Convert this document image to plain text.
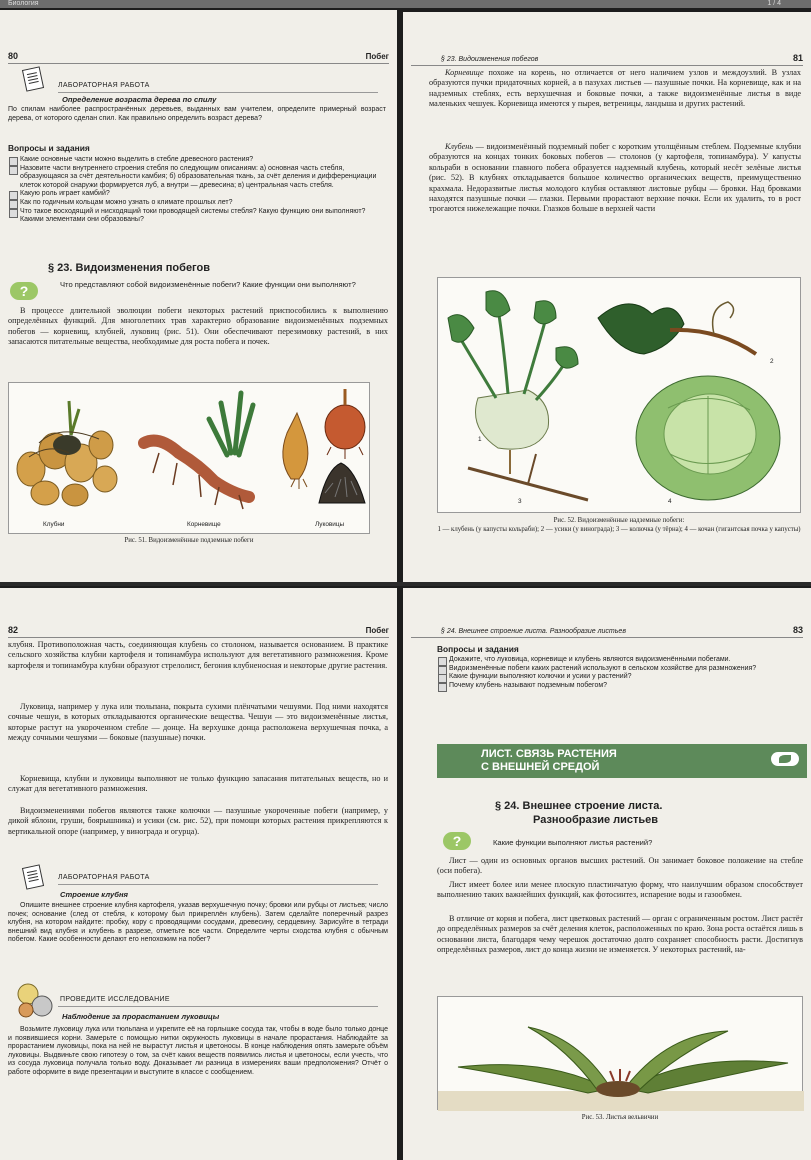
Биология	1 / 4
80	Побег
ЛАБОРАТОРНАЯ РАБОТА
Определение возраста дерева по спилу
По спилам наиболее распространённых деревьев, выданных вам учителем, определите примерный возраст дерева, от которого сделан спил. Как правильно определить возраст дерева?
Вопросы и задания
Какие основные части можно выделить в стебле древесного растения?
Назовите части внутреннего строения стебля по следующим описаниям: а) основная часть стебля, образующаяся за счёт деятельности камбия; б) образовательная ткань, за счёт деления и дифференциации клеток которой снаружи формируется луб, а внутри — древесина; в) центральная часть стебля.
Какую роль играет камбий?
Как по годичным кольцам можно узнать о климате прошлых лет?
Что такое восходящий и нисходящий токи проводящей системы стебля? Какую функцию они выполняют? Какими элементами они образованы?
§ 23. Видоизменения побегов
?	Что представляют собой видоизменённые побеги? Какие функции они выполняют?
В процессе длительной эволюции побеги некоторых растений приспособились к выполнению определённых функций. Для многолетних трав характерно образование видоизменённых подземных побегов — корневищ, клубней, луковиц (рис. 51). Они обеспечивают перезимовку растений, в них запасаются питательные вещества, необходимые для роста побега и почек.
Клубни	Корневище	Луковицы
Рис. 51. Видоизменённые подземные побеги
§ 23. Видоизменения побегов	81
Корневище похоже на корень, но отличается от него наличием узлов и междоузлий. В узлах образуются пучки придаточных корней, а в пазухах листьев — пазушные почки. На корневище, как и на надземных стеблях, есть верхушечная и боковые почки, а также видоизменённые листья в виде маленьких чешуек. Корневища имеются у пырея, ветреницы, ландыша и других растений.
Клубень — видоизменённый подземный побег с коротким утолщённым стеблем. Подземные клубни образуются на концах тонких боковых побегов — столонов (у картофеля, топинамбура). У капусты кольраби в основании главного побега образуется надземный клубень, который несёт зелёные листья (рис. 52). В клубнях откладывается большое количество органических веществ, преимущественно крахмала. Недоразвитые листья молодого клубня оставляют листовые рубцы — бровки. Над бровками находятся пазушные почки — глазки. Первыми прорастают верхние почки. Если их удалить, то в рост трогаются нижележащие почки. Глазков больше в верхней части
1
2
3	4
Рис. 52. Видоизменённые надземные побеги:
1 — клубень (у капусты кольраби); 2 — усики (у винограда); 3 — колючка (у тёрна); 4 — кочан (гигантская почка у капусты)
82	Побег
клубня. Противоположная часть, соединяющая клубень со столоном, называется основанием. В практике сельского хозяйства клубни картофеля и топинамбура используют для вегетативного размножения. Кроме картофеля и топинамбура клубни образуют стрелолист, бегония клубненосная и некоторые другие растения.
Луковица, например у лука или тюльпана, покрыта сухими плёнчатыми чешуями. Под ними находятся сочные чешуи, в которых откладываются органические вещества. Чешуи — это видоизменённые листья, которые растут на укороченном стебле — донце. На верхушке донца расположена верхушечная почка, а между сочными чешуями — боковые (пазушные) почки.
Корневища, клубни и луковицы выполняют не только функцию запасания питательных веществ, но и служат для вегетативного размножения.
Видоизменениями побегов являются также колючки — пазушные укороченные побеги (например, у дикой яблони, груши, боярышника) и усики (см. рис. 52), при помощи которых растения прикрепляются к вертикальной опоре (например, у винограда и огурца).
ЛАБОРАТОРНАЯ РАБОТА
Строение клубня
Опишите внешнее строение клубня картофеля, указав верхушечную почку; бровки или рубцы от листьев; число почек; основание (след от стебля, к которому был прикреплён клубень). Затем сделайте поперечный разрез клубня, на котором найдите: пробку, кору с проводящими сосудами, древесину, сердцевину. Зарисуйте в тетради внешний вид клубня и клубень в разрезе, отметьте все части. Определите черты сходства клубня с обычным побегом. Какие особенности делают его непохожим на побег?
ПРОВЕДИТЕ ИССЛЕДОВАНИЕ
Наблюдение за прорастанием луковицы
Возьмите луковицу лука или тюльпана и укрепите её на горлышке сосуда так, чтобы в воде было только донце и появившиеся корни. Замерьте с помощью нитки окружность луковицы в начале прорастания. Наблюдайте за прорастанием луковицы, пока на ней не вырастут листья и цветоносы. В конце наблюдения опять замерьте объём луковицы. Выдвиньте свою гипотезу о том, за счёт каких веществ появились листья и цветоносы, если учесть, что из сосуда луковица получала только воду. Доказывает ли разница в измерениях ваши предположения? Отчёт о работе оформите в виде презентации и выступите в классе с сообщением.
§ 24. Внешнее строение листа. Разнообразие листьев	83
Вопросы и задания
Докажите, что луковица, корневище и клубень являются видоизменёнными побегами.
Видоизменённые побеги каких растений используют в сельском хозяйстве для размножения?
Какие функции выполняют колючки и усики у растений?
Почему клубень называют подземным побегом?
ЛИСТ. СВЯЗЬ РАСТЕНИЯ
С ВНЕШНЕЙ СРЕДОЙ
§ 24. Внешнее строение листа.
Разнообразие листьев
?	Какие функции выполняют листья растений?
Лист — один из основных органов высших растений. Он занимает боковое положение на стебле (оси побега).
Лист имеет более или менее плоскую пластинчатую форму, что наилучшим образом способствует выполнению таких важнейших функций, как фотосинтез, испарение воды и газообмен.
В отличие от корня и побега, лист цветковых растений — орган с ограниченным ростом. Лист растёт до определённых размеров за счёт деления клеток, расположенных по краю. Зона роста остаётся лишь в основании листа, благодаря чему черешок достаточно долго сохраняет способность расти. Достигнув определённых размеров, лист до конца жизни не изменяется. У некоторых растений, на-
Рис. 53. Листья вельвичии
